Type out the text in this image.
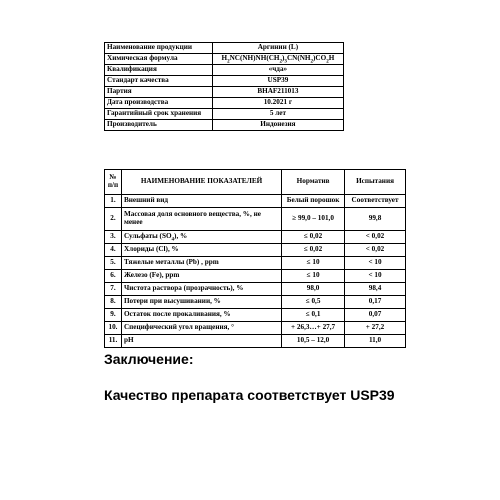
Наименование продукции	Аргинин (L)
Химическая формула	$H_2NC(NH)NH(CH_2)_3CN(NH_2)CO_2H$
Квалификация	«чда»
Стандарт качества	USP39
Партия	BHAF211013
Дата производства	10.2021 г
Гарантийный срок хранения	5 лет
Производитель	Индонезия
№ п/п	НАИМЕНОВАНИЕ ПОКАЗАТЕЛЕЙ	Норматив	Испытания
1.	Внешний вид	Белый порошок	Соответствует
2.	Массовая доля основного вещества, %, не менее	≥ 99,0 – 101,0	99,8
3.	Сульфаты $(SO_4)$, %	≤ 0,02	< 0,02
4.	Хлориды (Cl), %	≤ 0,02	< 0,02
5.	Тяжелые металлы (Pb) , ppm	≤ 10	< 10
6.	Железо (Fe), ppm	≤ 10	< 10
7.	Чистота раствора (прозрачность), %	98,0	98,4
8.	Потери при высушивании, %	≤ 0,5	0,17
9.	Остаток после прокаливания, %	≤ 0,1	0,07
10.	Специфический угол вращения, °	+ 26,3…+ 27,7	+ 27,2
11.	pH	10,5 – 12,0	11,0
Заключение:
Качество препарата соответствует USP39
